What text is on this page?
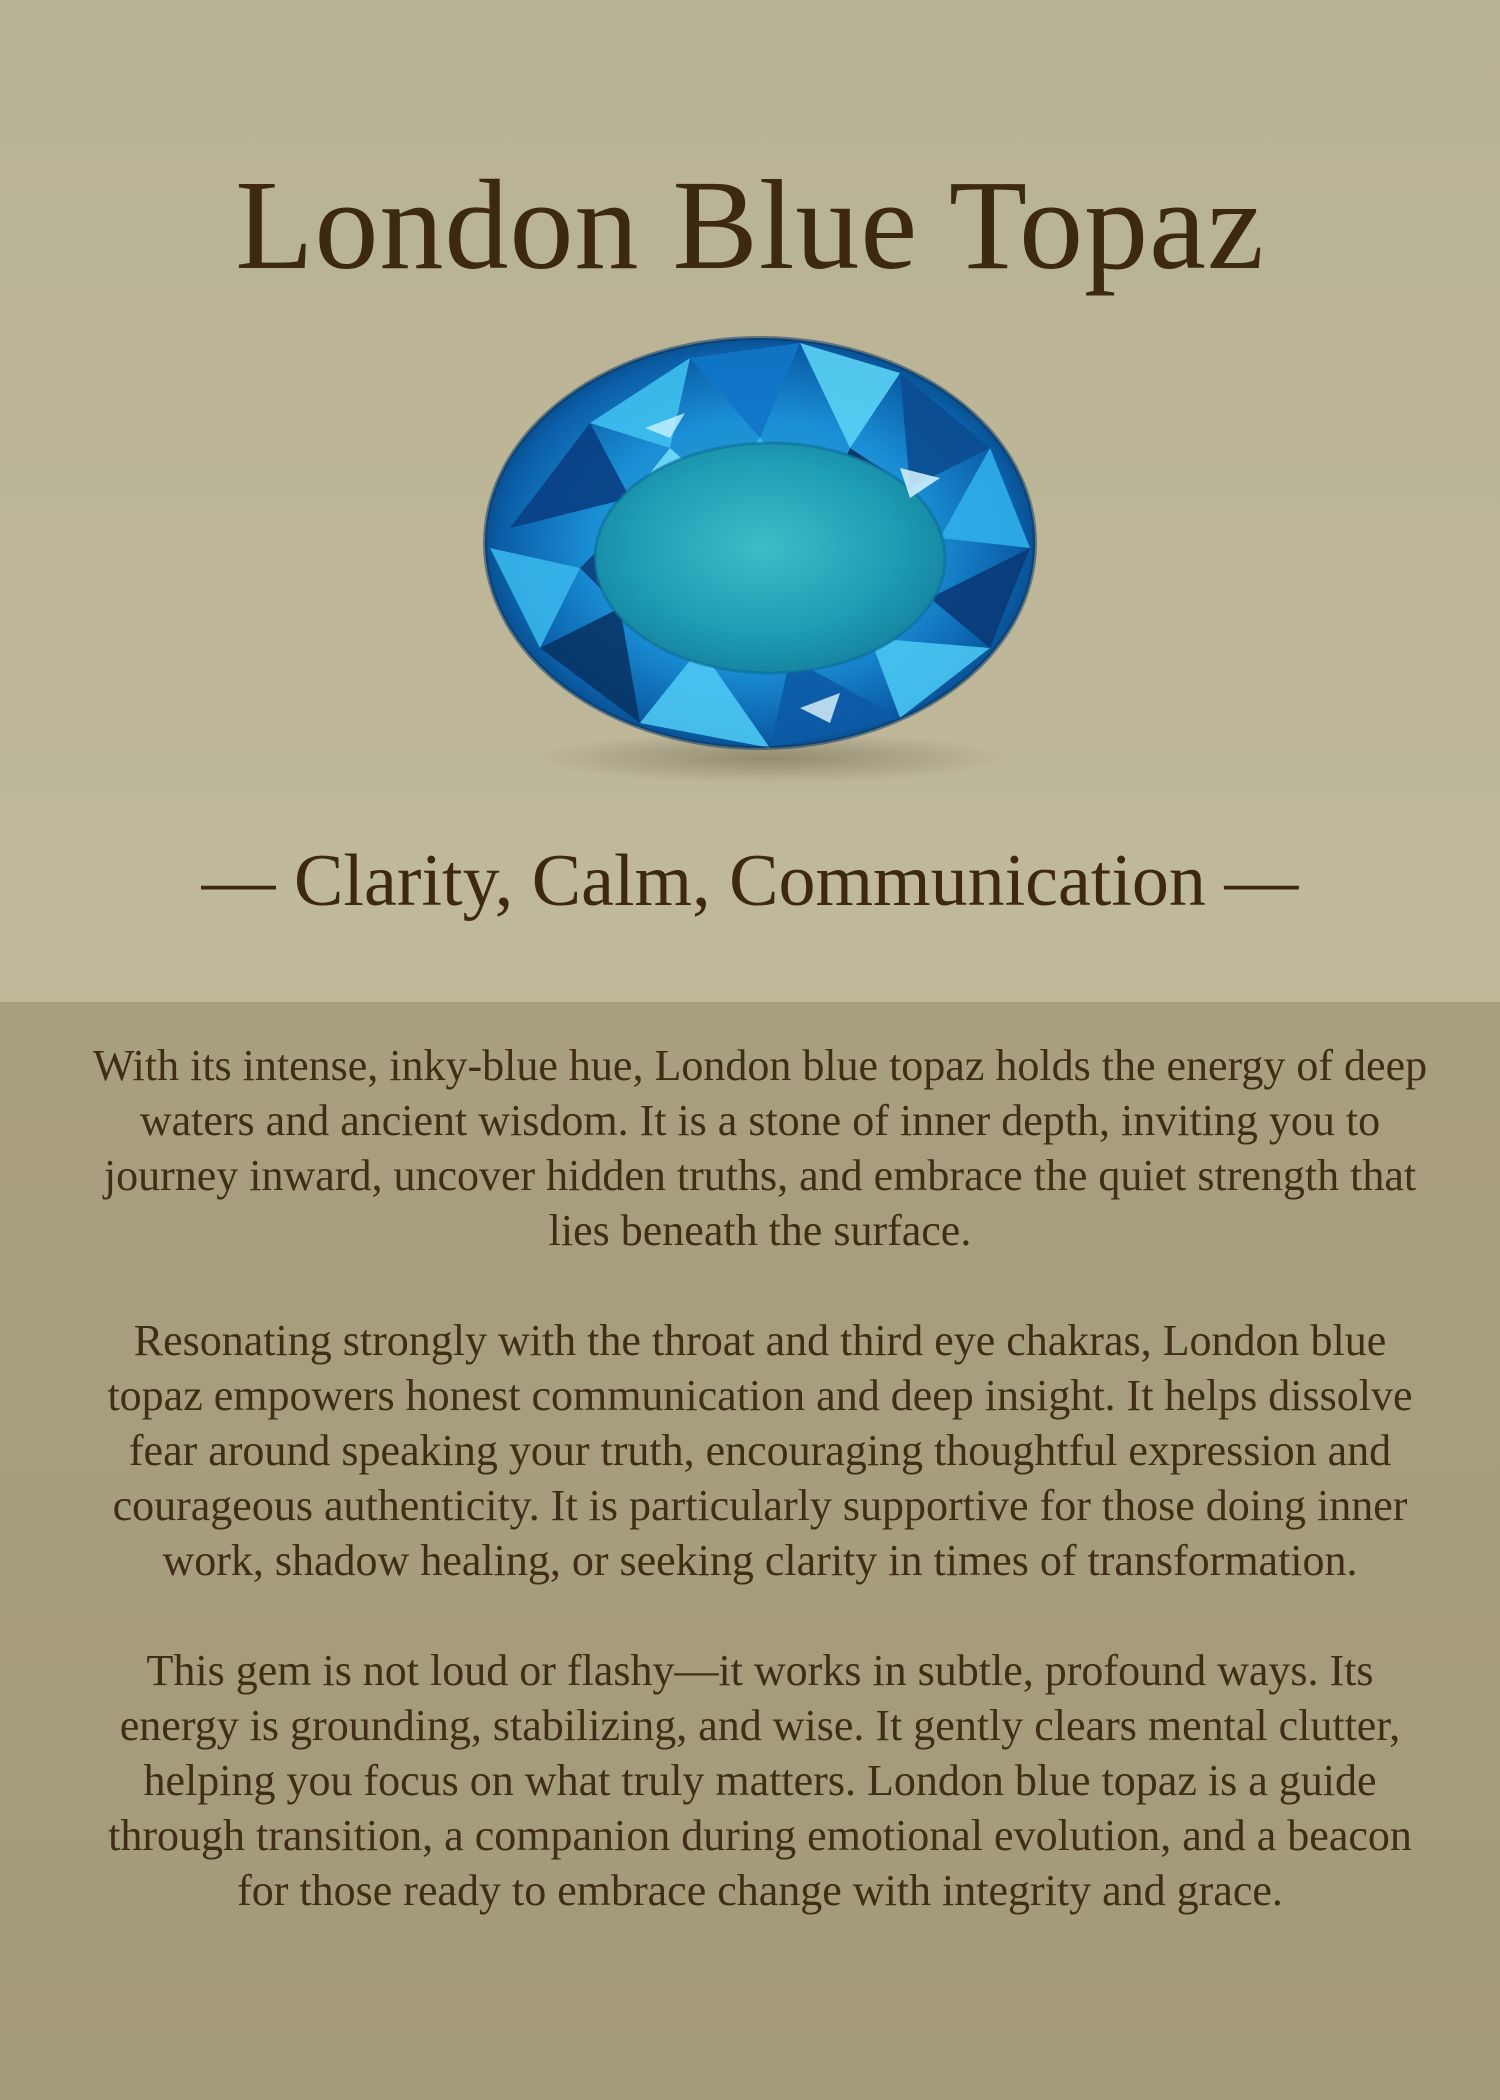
London Blue Topaz
— Clarity, Calm, Communication —

With its intense, inky-blue hue, London blue topaz holds the energy of deep waters and ancient wisdom. It is a stone of inner depth, inviting you to journey inward, uncover hidden truths, and embrace the quiet strength that lies beneath the surface.

Resonating strongly with the throat and third eye chakras, London blue topaz empowers honest communication and deep insight. It helps dissolve fear around speaking your truth, encouraging thoughtful expression and courageous authenticity. It is particularly supportive for those doing inner work, shadow healing, or seeking clarity in times of transformation.

This gem is not loud or flashy—it works in subtle, profound ways. Its energy is grounding, stabilizing, and wise. It gently clears mental clutter, helping you focus on what truly matters. London blue topaz is a guide through transition, a companion during emotional evolution, and a beacon for those ready to embrace change with integrity and grace.
